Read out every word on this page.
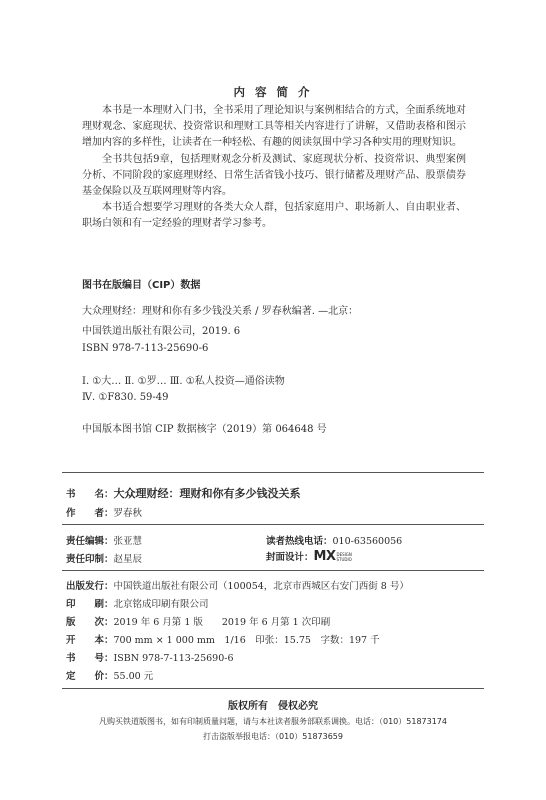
内 容 简 介

本书是一本理财入门书，全书采用了理论知识与案例相结合的方式，全面系统地对理财观念、家庭现状、投资常识和理财工具等相关内容进行了讲解，又借助表格和图示增加内容的多样性，让读者在一种轻松、有趣的阅读氛围中学习各种实用的理财知识。

全书共包括9章，包括理财观念分析及测试、家庭现状分析、投资常识、典型案例分析、不同阶段的家庭理财经、日常生活省钱小技巧、银行储蓄及理财产品、股票债券基金保险以及互联网理财等内容。

本书适合想要学习理财的各类大众人群，包括家庭用户、职场新人、自由职业者、职场白领和有一定经验的理财者学习参考。

图书在版编目（CIP）数据
大众理财经：理财和你有多少钱没关系 / 罗春秋编著. —北京：
中国铁道出版社有限公司，2019. 6
ISBN 978-7-113-25690-6
Ⅰ. ①大… Ⅱ. ①罗… Ⅲ. ①私人投资—通俗读物
Ⅳ. ①F830. 59-49
中国版本图书馆 CIP 数据核字（2019）第 064648 号
书　　名：大众理财经：理财和你有多少钱没关系
作　　者：罗春秋
责任编辑：张亚慧	读者热线电话：010-63560056
责任印制：赵星辰	封面设计：MXDESIGN
STUDIO
出版发行：中国铁道出版社有限公司（100054，北京市西城区右安门西街 8 号）
印　　刷：北京铭成印刷有限公司
版　　次：2019 年 6 月第 1 版　　2019 年 6 月第 1 次印刷
开　　本：700 mm × 1 000 mm　1/16　印张：15.75　字数：197 千
书　　号：ISBN 978-7-113-25690-6
定　　价：55.00 元
版权所有　侵权必究
凡购买铁道版图书，如有印制质量问题，请与本社读者服务部联系调换。电话：（010）51873174
打击盗版举报电话：（010）51873659
